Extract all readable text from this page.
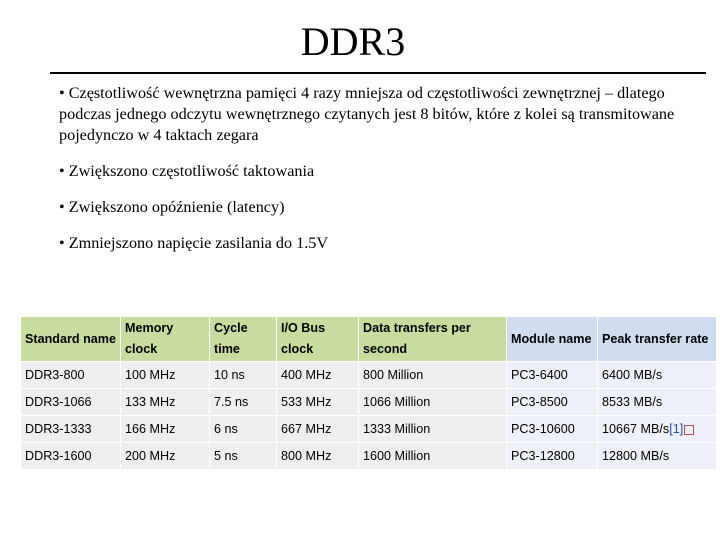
DDR3
• Częstotliwość wewnętrzna pamięci 4 razy mniejsza od częstotliwości zewnętrznej – dlatego podczas jednego odczytu wewnętrznego czytanych jest 8 bitów, które z kolei są transmitowane pojedynczo w 4 taktach zegara
• Zwiększono częstotliwość taktowania
• Zwiększono opóźnienie (latency)
• Zmniejszono napięcie zasilania do 1.5V
Standard name	Memory clock	Cycle time	I/O Bus clock	Data transfers per second	Module name	Peak transfer rate
DDR3-800	100 MHz	10 ns	400 MHz	800 Million	PC3-6400	6400 MB/s
DDR3-1066	133 MHz	7.5 ns	533 MHz	1066 Million	PC3-8500	8533 MB/s
DDR3-1333	166 MHz	6 ns	667 MHz	1333 Million	PC3-10600	10667 MB/s[1]
DDR3-1600	200 MHz	5 ns	800 MHz	1600 Million	PC3-12800	12800 MB/s
